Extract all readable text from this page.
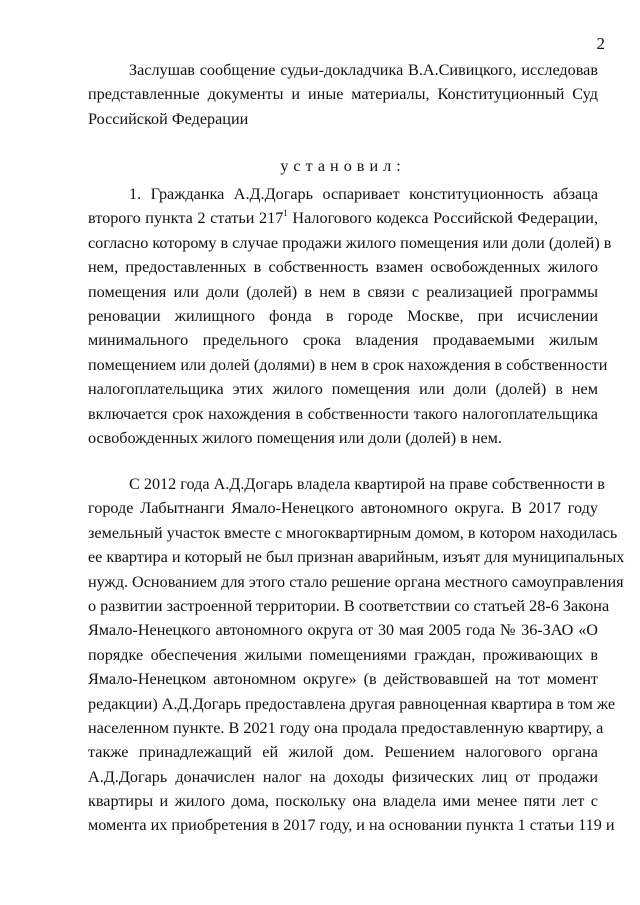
2
Заслушав сообщение судьи-докладчика В.А.Сивицкого, исследовав
представленные документы и иные материалы, Конституционный Суд
Российской Федерации
установил:
1. Гражданка А.Д.Догарь оспаривает конституционность абзаца
второго пункта 2 статьи $217^1$ Налогового кодекса Российской Федерации,
согласно которому в случае продажи жилого помещения или доли (долей) в
нем, предоставленных в собственность взамен освобожденных жилого
помещения или доли (долей) в нем в связи с реализацией программы
реновации жилищного фонда в городе Москве, при исчислении
минимального предельного срока владения продаваемыми жилым
помещением или долей (долями) в нем в срок нахождения в собственности
налогоплательщика этих жилого помещения или доли (долей) в нем
включается срок нахождения в собственности такого налогоплательщика
освобожденных жилого помещения или доли (долей) в нем.
С 2012 года А.Д.Догарь владела квартирой на праве собственности в
городе Лабытнанги Ямало-Ненецкого автономного округа. В 2017 году
земельный участок вместе с многоквартирным домом, в котором находилась
ее квартира и который не был признан аварийным, изъят для муниципальных
нужд. Основанием для этого стало решение органа местного самоуправления
о развитии застроенной территории. В соответствии со статьей 28-6 Закона
Ямало-Ненецкого автономного округа от 30 мая 2005 года № 36-ЗАО «О
порядке обеспечения жилыми помещениями граждан, проживающих в
Ямало-Ненецком автономном округе» (в действовавшей на тот момент
редакции) А.Д.Догарь предоставлена другая равноценная квартира в том же
населенном пункте. В 2021 году она продала предоставленную квартиру, а
также принадлежащий ей жилой дом. Решением налогового органа
А.Д.Догарь доначислен налог на доходы физических лиц от продажи
квартиры и жилого дома, поскольку она владела ими менее пяти лет с
момента их приобретения в 2017 году, и на основании пункта 1 статьи 119 и
